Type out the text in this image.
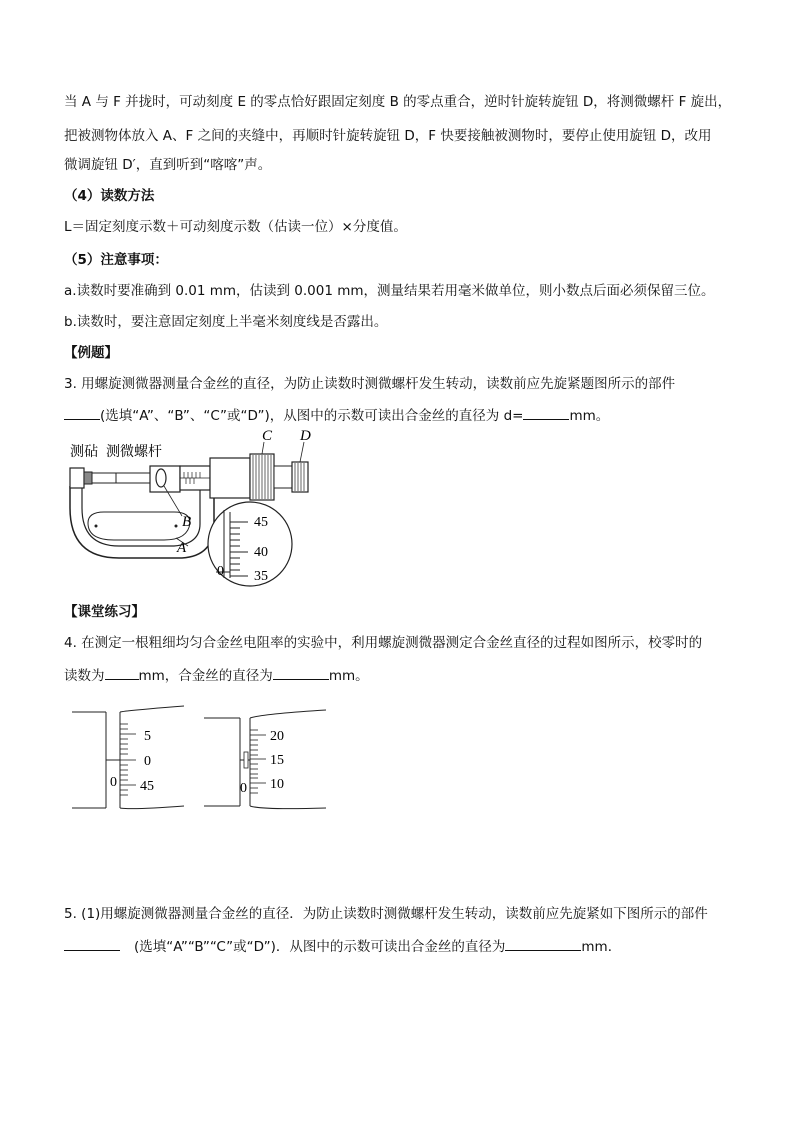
当 A 与 F 并拢时，可动刻度 E 的零点恰好跟固定刻度 B 的零点重合，逆时针旋转旋钮 D，将测微螺杆 F 旋出，
把被测物体放入 A、F 之间的夹缝中，再顺时针旋转旋钮 D，F 快要接触被测物时，要停止使用旋钮 D，改用
微调旋钮 D′，直到听到“喀喀”声。
（4）读数方法
L＝固定刻度示数＋可动刻度示数（估读一位）×分度值。
（5）注意事项：
a.读数时要准确到 0.01 mm，估读到 0.001 mm，测量结果若用毫米做单位，则小数点后面必须保留三位。
b.读数时，要注意固定刻度上半毫米刻度线是否露出。
【例题】
3. 用螺旋测微器测量合金丝的直径，为防止读数时测微螺杆发生转动，读数前应先旋紧题图所示的部件
(选填“A”、“B”、“C”或“D”)，从图中的示数可读出合金丝的直径为 d=	mm。
测砧 测微螺杆
C D
B
A
45
40
35
0
【课堂练习】
4. 在测定一根粗细均匀合金丝电阻率的实验中，利用螺旋测微器测定合金丝直径的过程如图所示，校零时的
读数为	mm，合金丝的直径为	mm。
5
0
45
0
20
15
10
0
5. (1)用螺旋测微器测量合金丝的直径．为防止读数时测微螺杆发生转动，读数前应先旋紧如下图所示的部件
(选填“A”“B”“C”或“D”)．从图中的示数可读出合金丝的直径为	mm．
